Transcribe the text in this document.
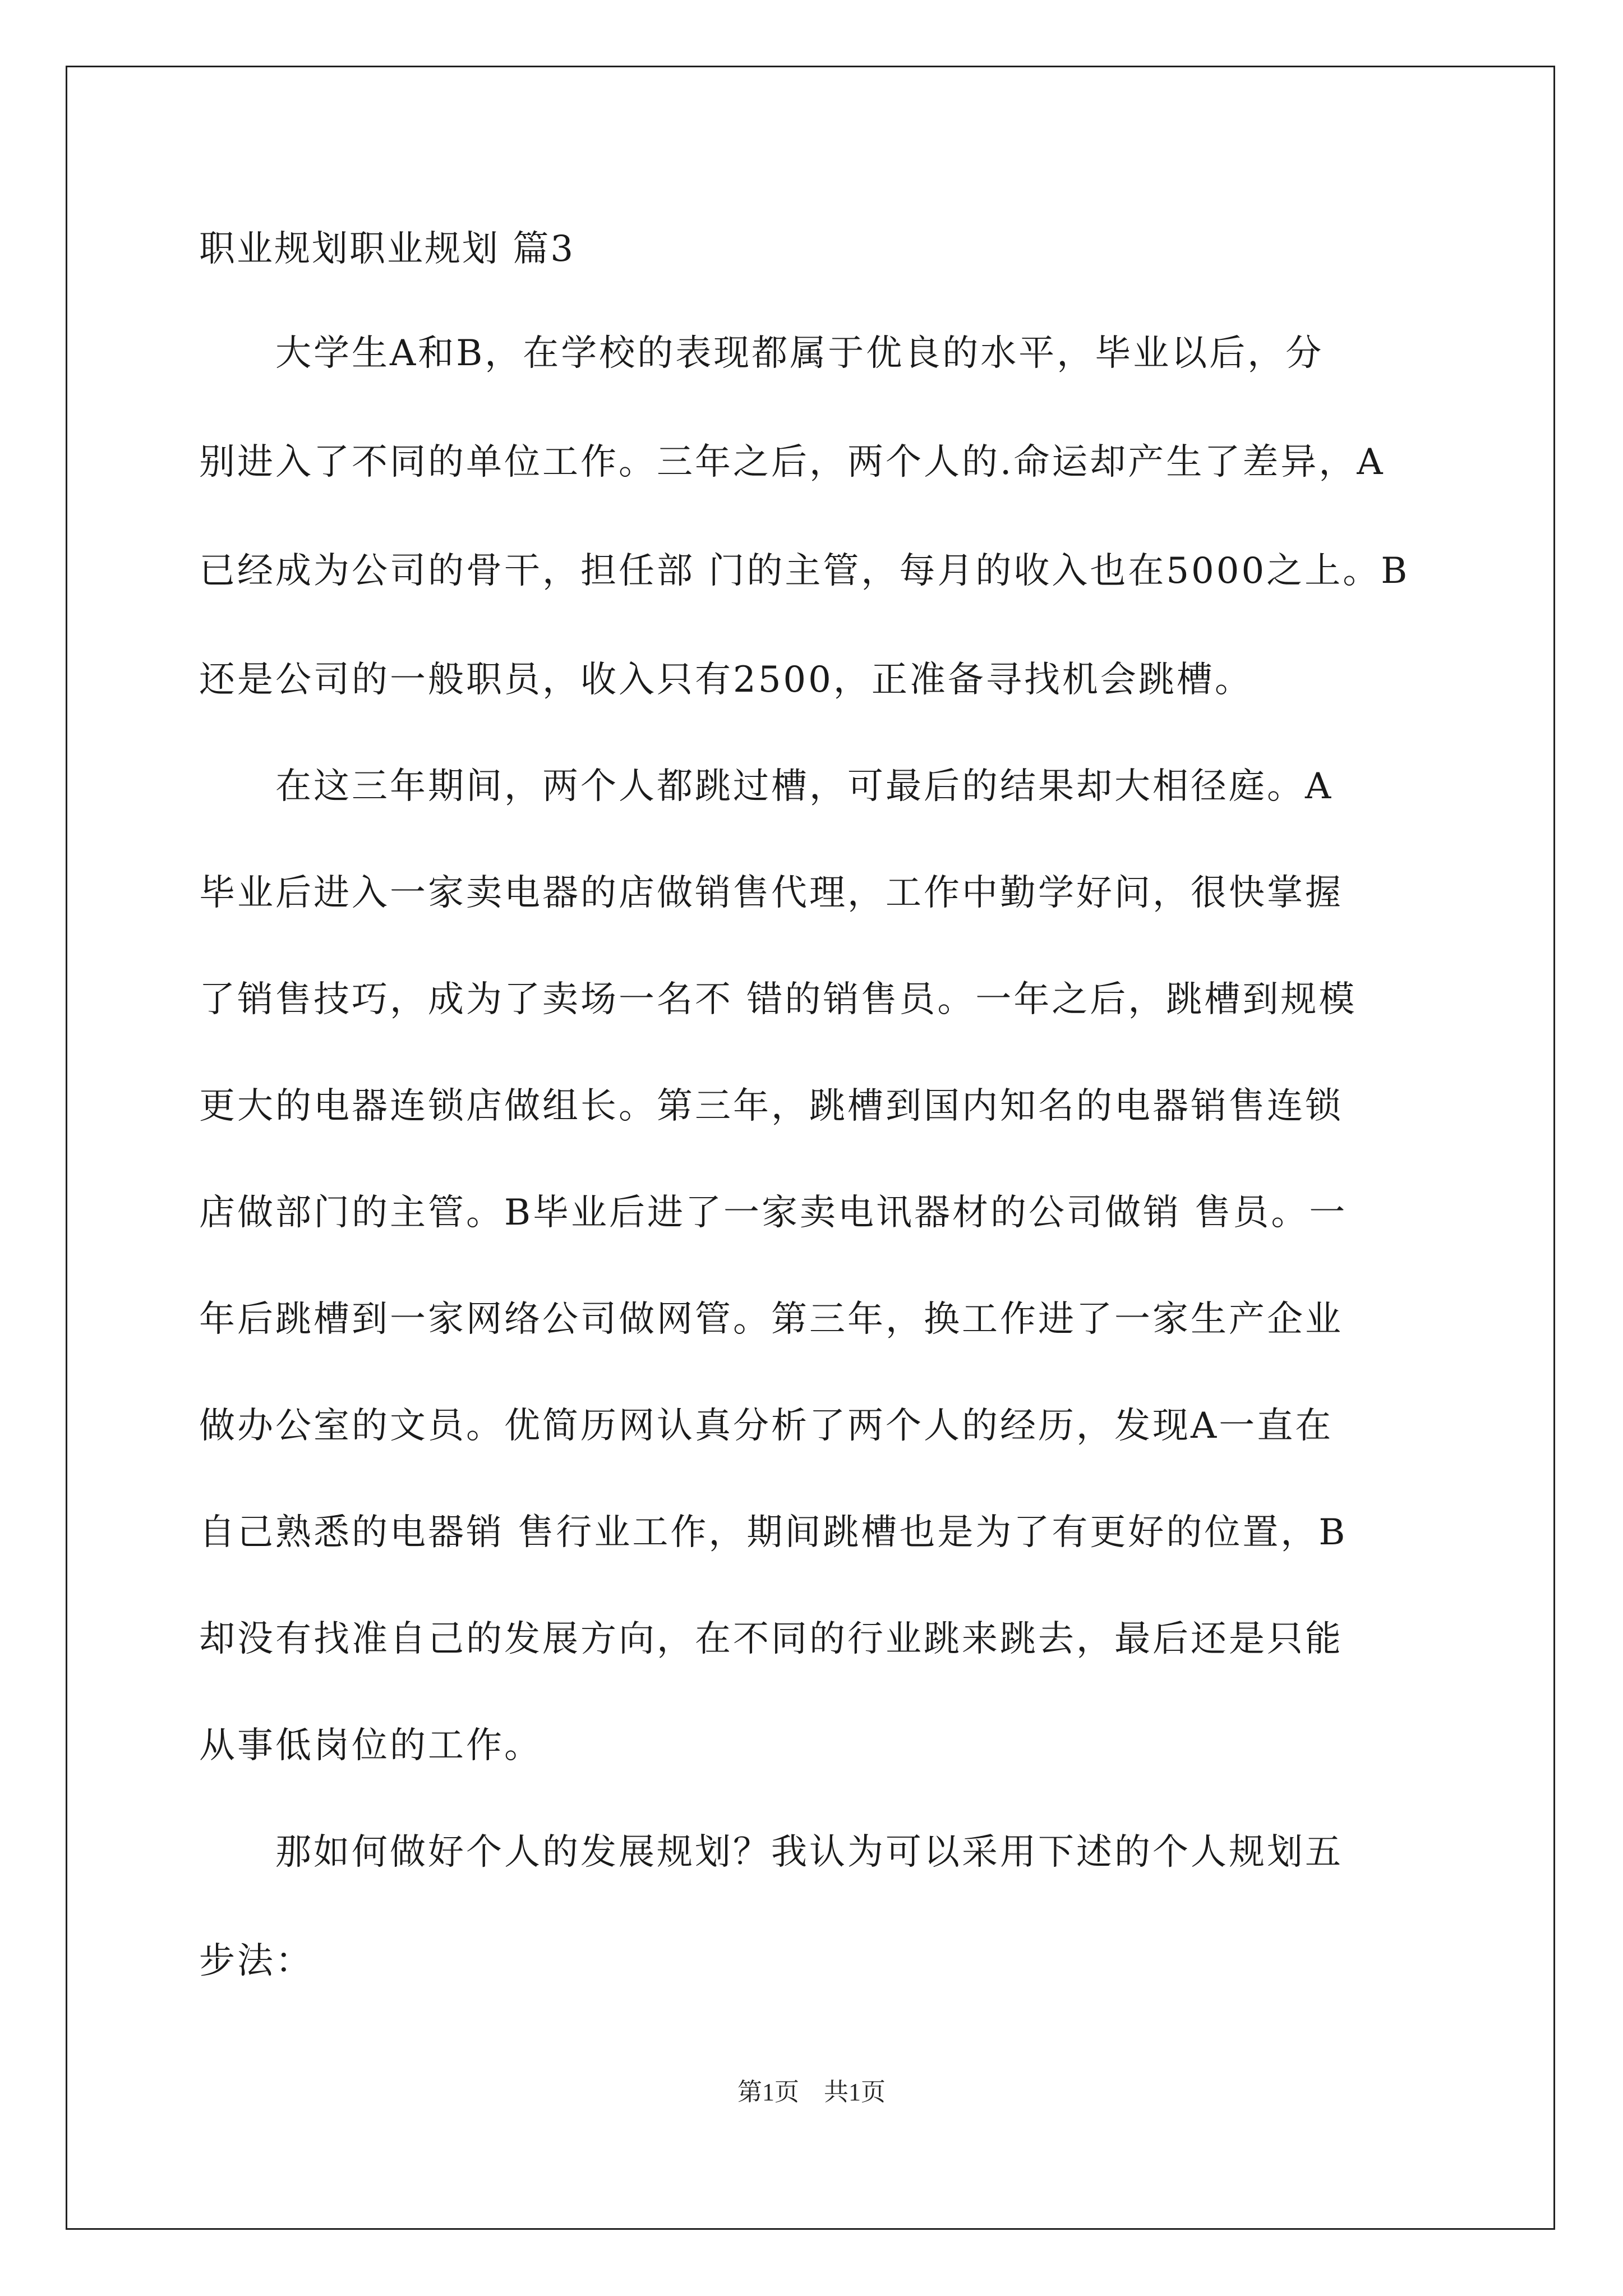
职业规划职业规划 篇3
　　大学生A和B，在学校的表现都属于优良的水平，毕业以后，分
别进入了不同的单位工作。三年之后，两个人的.命运却产生了差异，A
已经成为公司的骨干，担任部 门的主管，每月的收入也在5000之上。B
还是公司的一般职员，收入只有2500，正准备寻找机会跳槽。
　　在这三年期间，两个人都跳过槽，可最后的结果却大相径庭。A
毕业后进入一家卖电器的店做销售代理，工作中勤学好问，很快掌握
了销售技巧，成为了卖场一名不 错的销售员。一年之后，跳槽到规模
更大的电器连锁店做组长。第三年，跳槽到国内知名的电器销售连锁
店做部门的主管。B毕业后进了一家卖电讯器材的公司做销 售员。一
年后跳槽到一家网络公司做网管。第三年，换工作进了一家生产企业
做办公室的文员。优简历网认真分析了两个人的经历，发现A一直在
自己熟悉的电器销 售行业工作，期间跳槽也是为了有更好的位置，B
却没有找准自己的发展方向，在不同的行业跳来跳去，最后还是只能
从事低岗位的工作。
　　那如何做好个人的发展规划？我认为可以采用下述的个人规划五
步法：
第1页　共1页
